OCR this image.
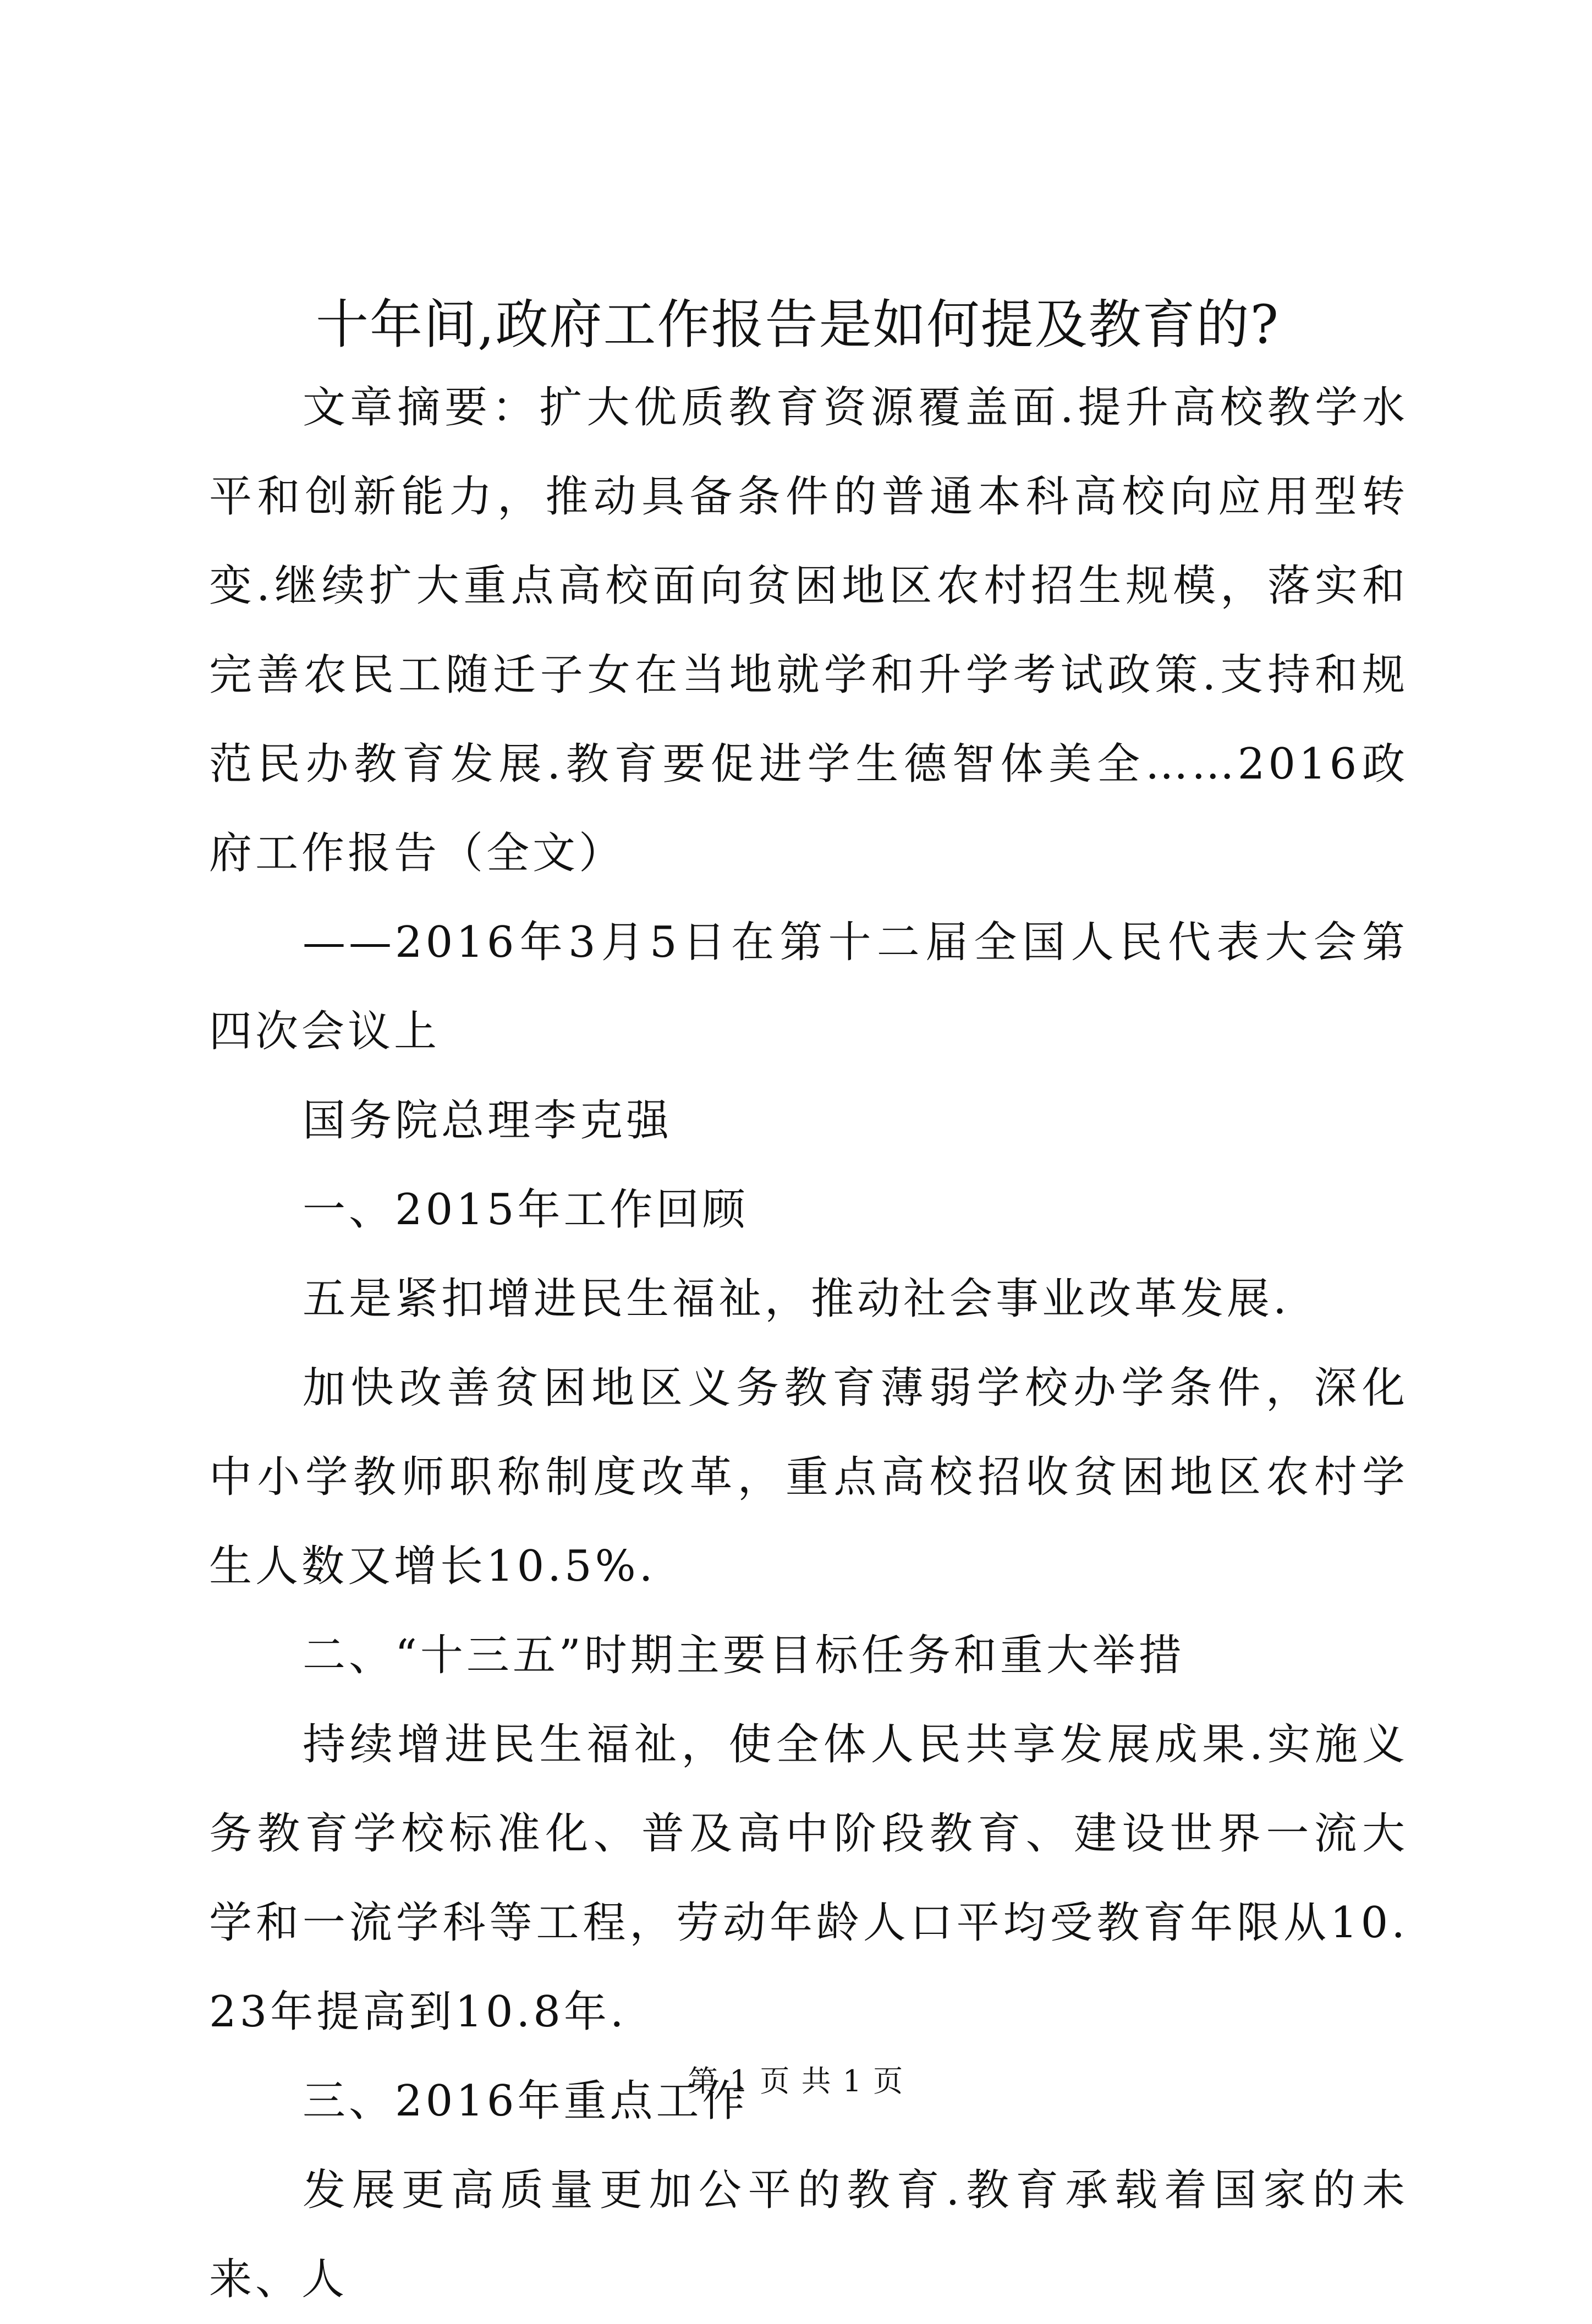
十年间,政府工作报告是如何提及教育的?

文章摘要：扩大优质教育资源覆盖面.提升高校教学水平和创新能力，推动具备条件的普通本科高校向应用型转变.继续扩大重点高校面向贫困地区农村招生规模，落实和完善农民工随迁子女在当地就学和升学考试政策.支持和规范民办教育发展.教育要促进学生德智体美全……2016政府工作报告（全文）

——2016年3月5日在第十二届全国人民代表大会第四次会议上

国务院总理李克强

一、2015年工作回顾

五是紧扣增进民生福祉，推动社会事业改革发展.

加快改善贫困地区义务教育薄弱学校办学条件，深化中小学教师职称制度改革，重点高校招收贫困地区农村学生人数又增长10.5%.

二、“十三五”时期主要目标任务和重大举措

持续增进民生福祉，使全体人民共享发展成果.实施义务教育学校标准化、普及高中阶段教育、建设世界一流大学和一流学科等工程，劳动年龄人口平均受教育年限从10.23年提高到10.8年.

三、2016年重点工作

发展更高质量更加公平的教育.教育承载着国家的未来、人

第 1 页 共 1 页
